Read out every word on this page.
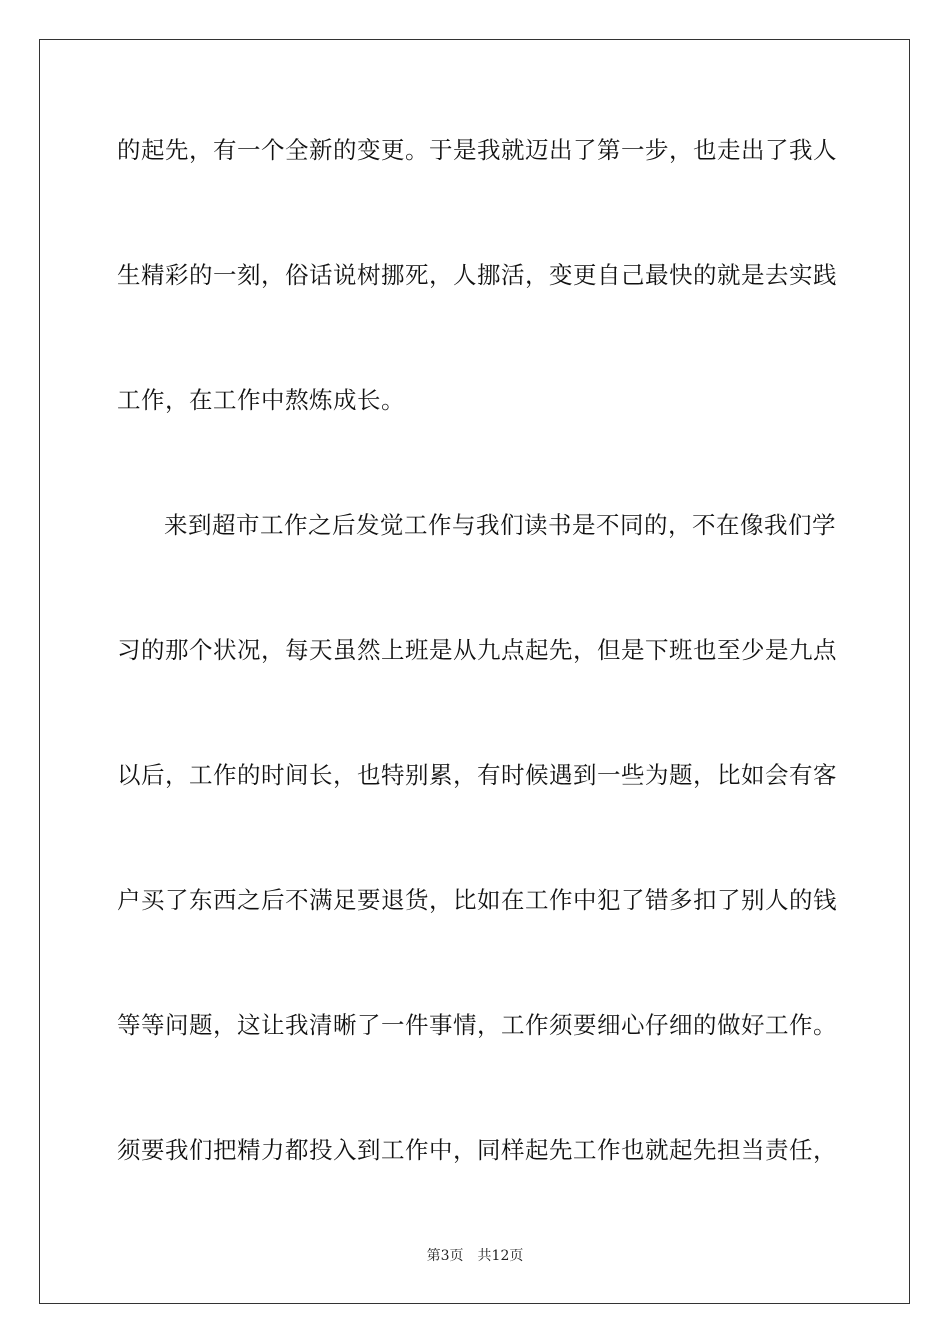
的起先，有一个全新的变更。于是我就迈出了第一步，也走出了我人
生精彩的一刻，俗话说树挪死，人挪活，变更自己最快的就是去实践
工作，在工作中熬炼成长。
来到超市工作之后发觉工作与我们读书是不同的，不在像我们学
习的那个状况，每天虽然上班是从九点起先，但是下班也至少是九点
以后，工作的时间长，也特别累，有时候遇到一些为题，比如会有客
户买了东西之后不满足要退货，比如在工作中犯了错多扣了别人的钱
等等问题，这让我清晰了一件事情，工作须要细心仔细的做好工作。
须要我们把精力都投入到工作中，同样起先工作也就起先担当责任，
第3页 共12页
